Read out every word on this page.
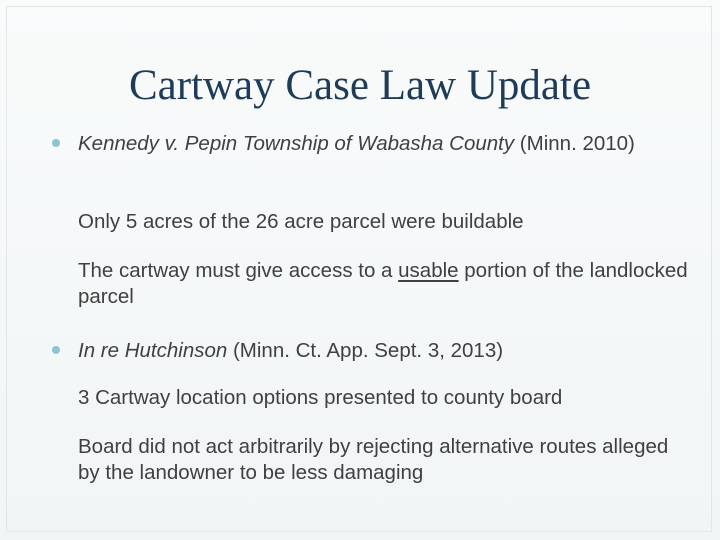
Cartway Case Law Update
Kennedy v. Pepin Township of Wabasha County (Minn. 2010)
Only 5 acres of the 26 acre parcel were buildable
The cartway must give access to a usable portion of the landlocked parcel
In re Hutchinson (Minn. Ct. App. Sept. 3, 2013)
3 Cartway location options presented to county board
Board did not act arbitrarily by rejecting alternative routes alleged by the landowner to be less damaging
